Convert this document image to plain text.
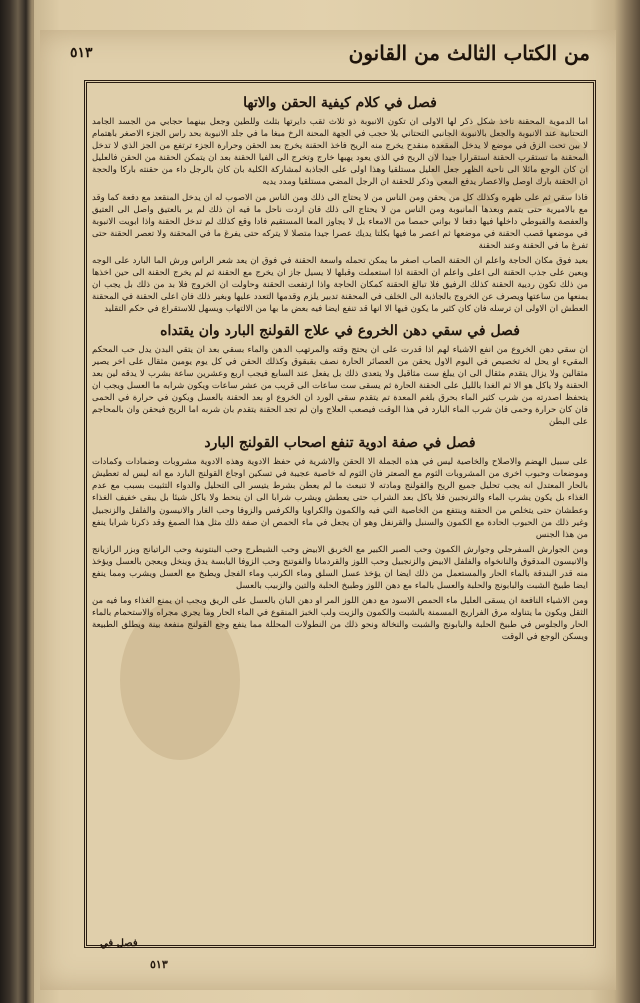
من الكتاب الثالث من القانون
٥١٣
فصل في كلام كيفية الحقن والاتها

اما الدموية المحقنة تاخذ شكل ذكر لها الاولى ان تكون الانبوبة ذو ثلاث ثقب دايرتها بثلث وللطين وجعل بينهما حجابي من الجسد الجامد التحتانية عند الانبوبة والجعل بالانبوبة الجانبي التحتاني بلا حجب في الجهة المحنة الرخ مبغا ما في جلد الانبوبة بحد راس الجزء الاصغر باهتمام لا بين تحت الزق في موضع لا يدخل المقعدة منقدح يخرج منه الريح فاخذ الحقنة يخرج بعد الحقن وحرارة الجزء ترتفع من الجز الذي لا تدخل المحقنة ما تستقرب الحقنة استقرارا جيدا لان الريح في الذي يعود يهبها خارج وتخرج الى الفيا الحقنة بعد ان يتمكن الحقنة من الحقن فالعليل ان كان الوجع مائلا الى ناحية الظهر جعل العليل مستلقيا وهذا اولى على الجاذبة لمشاركة الكلية بان كان بالرجل داء من حقنته باركا والحجة ان الحقنة بارك اوصل والاعصار يدفع المعي وذكر للحقنة ان الرجل المضي مستلقيا ومدد يديه

فاذا سقي ثم على ظهره وكذلك كل من يحقن ومن الناس من لا يحتاج الى ذلك ومن الناس من الاصوب له ان يدخل المنقعد مع دفعة كما وقد مع بالاميرية حتى يتمم وبعدها المانبوبة ومن الناس من لا يحتاج الى ذلك فان اردت ناحل ما فيه ان ذلك لم ير بالعتيق واصل الى العتيق والعفصة والقبوطي داخلها فيها دفعا لا بواني حمصا من الامعاء بل لا يجاوز المعا المستقيم فادا وقع كذلك لم تدخل الحقنة واذا ابويت الانبوبة في موضعها قصب الحقنة في موضعها ثم اعصر ما فيها بكلتا يديك عصرا جيدا متصلا لا يتركه حتى يفرغ ما في المحقنة ولا تعصر الحقنة حتى تفرغ ما في الحقنة وعند الحقنة

بعيد فوق مكان الحاجة واعلم ان الحقنة الصاب اصغر ما يمكن تحمله واسعة الحقنة في فوق ان يعد شعر الراس ورش الما البارد على الوجه ويعين على جذب الحقنة الى اعلى واعلم ان الحقنة اذا استعملت وقبلها لا يسيل جاز ان يخرج مع الحقنة ثم لم يخرج الحقنة الى حين اخذها من ذلك تكون رديية الحقنة كذلك الرفيق فلا تبالغ الحقنة كمكان الحاجة واذا ارتفعت الحقنة وحاولت ان الخروج فلا بد من ذلك بل يجب ان يمنعها من ساعتها ويصرف عن الخروج بالجاذبة الى الخلف في المحقنة تدبير يلزم وقدمها التعدد عليها وبغير ذلك فان اعلى الحقنة في المحقنة العطش ان الاولى ان ترسله فان كان كثير ما يكون فيها الا انها قد تنفع ايضا فيه بعض ما بها من الالتهاب ويسهل للاستقراع في حكم التقليد

فصل في سقي دهن الخروع في علاج القولنج البارد وان يقتداه

ان سقي دهن الخروع من انفع الاشياء لهم اذا قدرت على ان يحتج وقته والمرتهب الدهن والماء بسقي بعد ان يتقي البدن يدل حب المحكم المقيء او يحل له تخصيص في اليوم الاول يحقن من العصائر الحارة نصف بقبقوق وكذلك الحقن في كل يوم يومين مثقال على اخر يصير مثقالين ولا يزال يتقدم مثقال الى ان يبلغ ست مثاقيل ولا يتعدى ذلك بل يفعل عند السابع فيجب اربع وعشرين ساعة بشرب لا يدقه لين بعد الحقنة ولا ياكل هو الا ثم الغدا بالليل على الحقنة الحارة ثم يسقى ست ساعات الى قريب من عشر ساعات ويكون شرابه ما العسل ويجب ان يتحفظ اصدرته من شرب كثير الماء بحرق بلغم المعدة تم يتقدم سقي الورد ان الخروع او بعد الحقنة بالعسل ويكون في حرارة في الحمى فان كان حرارة وحمى فان شرب الماء البارد في هذا الوقت فيصعب العلاج وان لم تجد الحقنة يتقدم بان شربه اما الريح فيحقن وان بالمحاجم على البطن

فصل في صفة ادوية تنفع اصحاب القولنج البارد

على سبيل الهضم والاصلاح والخاصية ليس في هذه الجملة الا الحقن والاشرية في حفظ الادوية وهذه الادوية مشروبات وضمادات وكمادات وموضعات وحبوب اخرى من المشروبات الثوم مع الصعتر فان الثوم له خاصية عجيبة في تسكين اوجاع القولنج البارد مع انه ليس له تعطيش بالحار المعتدل انه يجب تحليل جميع الريح والقولنج ومادته لا تنبعث ما لم يعطن بشرط يتيسر الى التحليل والدواء التثبيت بسبب مع عدم الغذاء بل يكون يشرب الماء والترنجبين فلا ياكل بعد الشراب حتى يعطش ويشرب شرابا الى ان ينحط ولا ياكل شيئا بل يبقى خفيف الغذاء وعطشان حتى يتخلص من الحقنة وينتفع من الخاصية التي فيه والكمون والكراويا والكرفس والزوفا وحب الغار والانيسون والفلفل والزنجبيل وغير ذلك من الحبوب الحادة مع الكمون والسنبل والقرنفل وهو ان يجعل في ماء الحمص ان صفة ذلك مثل هذا الصمغ وقد ذكرنا شرابا ينفع من هذا الجنس

ومن الجوارش السفرجلي وجوارش الكمون وحب الصبر الكبير مع الخربق الابيض وحب الشيطرج وحب البنتونية وحب الراتيانج وبزر الرازيانج والانيسون المدقوق والنانخواه والفلفل الابيض والزنجبيل وحب اللوز والقردمانا والفوتنج وحب الزوفا اليابسة يدق وينخل ويعجن بالعسل ويؤخذ منه قدر البندقة بالماء الحار والمستعمل من ذلك ايضا ان يؤخذ عسل السلق وماء الكرنب وماء الفجل ويطبخ مع العسل ويشرب ومما ينفع ايضا طبيخ الشبت والبابونج والحلبة والعسل بالماء مع دهن اللوز وطبيخ الحلبة والتين والزبيب بالعسل

ومن الاشياء النافعة ان يسقى العليل ماء الحمص الاسود مع دهن اللوز المر او دهن البان بالعسل على الريق ويجب ان يمنع الغذاء وما فيه من الثقل ويكون ما يتناوله مرق الفراريج المسمنة بالشبت والكمون والزيت ولب الخبز المنقوع في الماء الحار وما يجري مجراه والاستحمام بالماء الحار والجلوس في طبيخ الحلبة والبابونج والشبت والنخالة ونحو ذلك من النطولات المحللة مما ينفع وجع القولنج منفعة بينة ويطلق الطبيعة ويسكن الوجع في الوقت

فصل في
٥١٣
